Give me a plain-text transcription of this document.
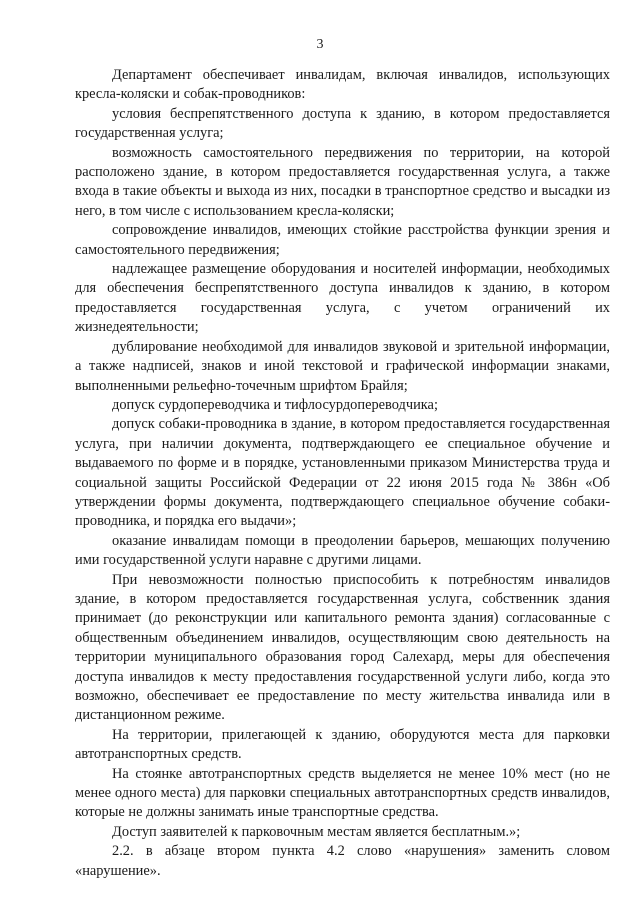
3

Департамент обеспечивает инвалидам, включая инвалидов, использующих кресла-коляски и собак-проводников:

условия беспрепятственного доступа к зданию, в котором предоставляется государственная услуга;

возможность самостоятельного передвижения по территории, на которой расположено здание, в котором предоставляется государственная услуга, а также входа в такие объекты и выхода из них, посадки в транспортное средство и высадки из него, в том числе с использованием кресла-коляски;

сопровождение инвалидов, имеющих стойкие расстройства функции зрения и самостоятельного передвижения;

надлежащее размещение оборудования и носителей информации, необходимых для обеспечения беспрепятственного доступа инвалидов к зданию, в котором предоставляется государственная услуга, с учетом ограничений их жизнедеятельности;

дублирование необходимой для инвалидов звуковой и зрительной информации, а также надписей, знаков и иной текстовой и графической информации знаками, выполненными рельефно-точечным шрифтом Брайля;

допуск сурдопереводчика и тифлосурдопереводчика;

допуск собаки-проводника в здание, в котором предоставляется государственная услуга, при наличии документа, подтверждающего ее специальное обучение и выдаваемого по форме и в порядке, установленными приказом Министерства труда и социальной защиты Российской Федерации от 22 июня 2015 года № 386н «Об утверждении формы документа, подтверждающего специальное обучение собаки-проводника, и порядка его выдачи»;

оказание инвалидам помощи в преодолении барьеров, мешающих получению ими государственной услуги наравне с другими лицами.

При невозможности полностью приспособить к потребностям инвалидов здание, в котором предоставляется государственная услуга, собственник здания принимает (до реконструкции или капитального ремонта здания) согласованные с общественным объединением инвалидов, осуществляющим свою деятельность на территории муниципального образования город Салехард, меры для обеспечения доступа инвалидов к месту предоставления государственной услуги либо, когда это возможно, обеспечивает ее предоставление по месту жительства инвалида или в дистанционном режиме.

На территории, прилегающей к зданию, оборудуются места для парковки автотранспортных средств.

На стоянке автотранспортных средств выделяется не менее 10% мест (но не менее одного места) для парковки специальных автотранспортных средств инвалидов, которые не должны занимать иные транспортные средства.

Доступ заявителей к парковочным местам является бесплатным.»;

2.2. в абзаце втором пункта 4.2 слово «нарушения» заменить словом «нарушение».
